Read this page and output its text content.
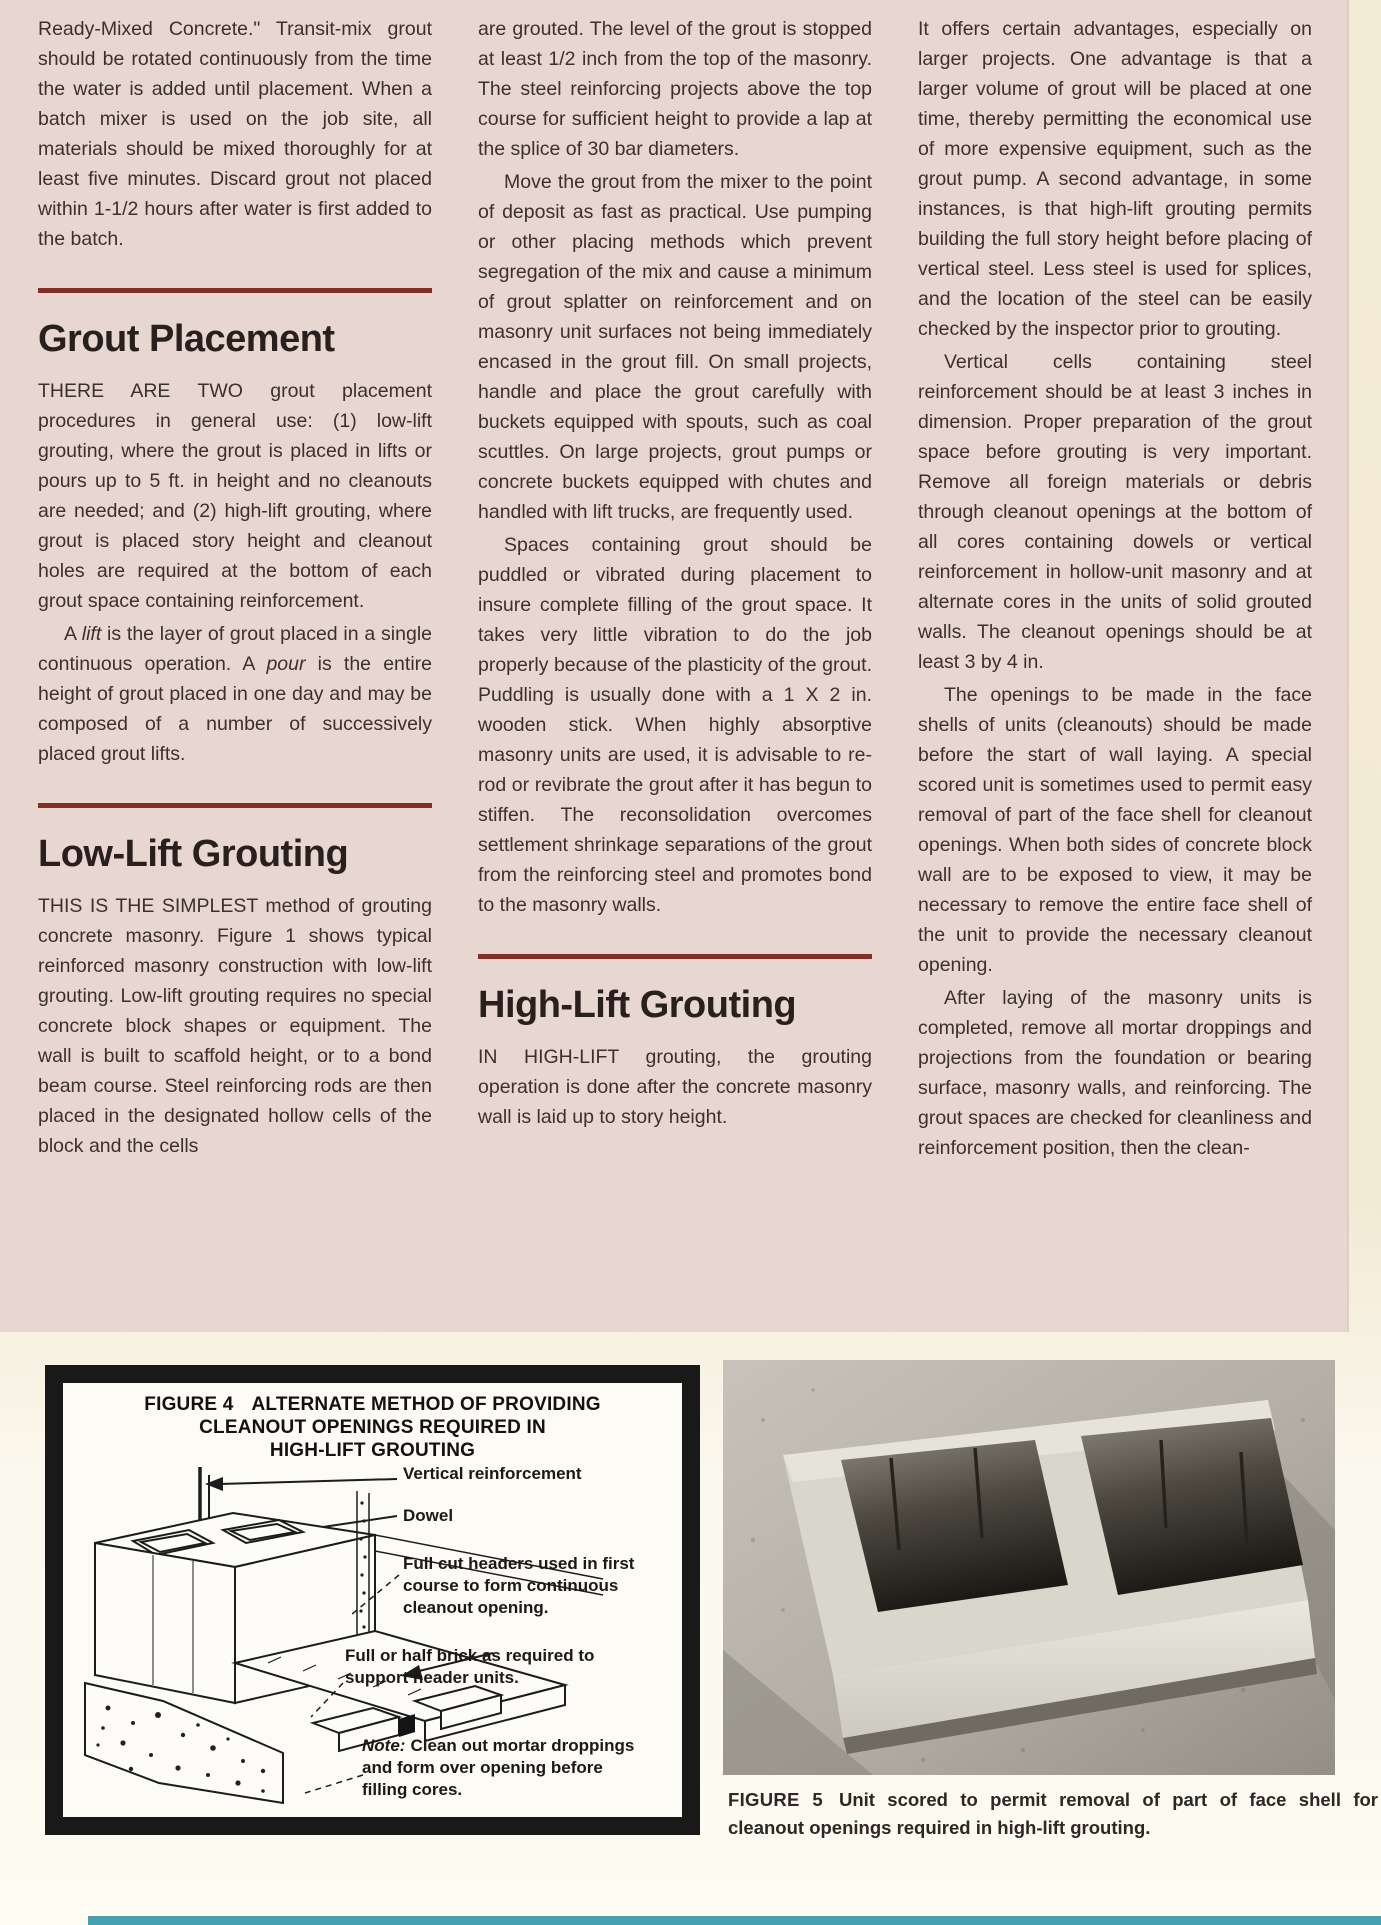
Ready-Mixed Concrete." Transit-mix grout should be rotated continuously from the time the water is added until placement. When a batch mixer is used on the job site, all materials should be mixed thoroughly for at least five minutes. Discard grout not placed within 1-1/2 hours after water is first added to the batch.

Grout Placement

THERE ARE TWO grout placement procedures in general use: (1) low-lift grouting, where the grout is placed in lifts or pours up to 5 ft. in height and no cleanouts are needed; and (2) high-lift grouting, where grout is placed story height and cleanout holes are required at the bottom of each grout space containing reinforcement.

A lift is the layer of grout placed in a single continuous operation. A pour is the entire height of grout placed in one day and may be composed of a number of successively placed grout lifts.

Low-Lift Grouting

THIS IS THE SIMPLEST method of grouting concrete masonry. Figure 1 shows typical reinforced masonry construction with low-lift grouting. Low-lift grouting requires no special concrete block shapes or equipment. The wall is built to scaffold height, or to a bond beam course. Steel reinforcing rods are then placed in the designated hollow cells of the block and the cells

are grouted. The level of the grout is stopped at least 1/2 inch from the top of the masonry. The steel reinforcing projects above the top course for sufficient height to provide a lap at the splice of 30 bar diameters.

Move the grout from the mixer to the point of deposit as fast as practical. Use pumping or other placing methods which prevent segregation of the mix and cause a minimum of grout splatter on reinforcement and on masonry unit surfaces not being immediately encased in the grout fill. On small projects, handle and place the grout carefully with buckets equipped with spouts, such as coal scuttles. On large projects, grout pumps or concrete buckets equipped with chutes and handled with lift trucks, are frequently used.

Spaces containing grout should be puddled or vibrated during placement to insure complete filling of the grout space. It takes very little vibration to do the job properly because of the plasticity of the grout. Puddling is usually done with a 1 X 2 in. wooden stick. When highly absorptive masonry units are used, it is advisable to re-rod or revibrate the grout after it has begun to stiffen. The reconsolidation overcomes settlement shrinkage separations of the grout from the reinforcing steel and promotes bond to the masonry walls.

High-Lift Grouting

IN HIGH-LIFT grouting, the grouting operation is done after the concrete masonry wall is laid up to story height.

It offers certain advantages, especially on larger projects. One advantage is that a larger volume of grout will be placed at one time, thereby permitting the economical use of more expensive equipment, such as the grout pump. A second advantage, in some instances, is that high-lift grouting permits building the full story height before placing of vertical steel. Less steel is used for splices, and the location of the steel can be easily checked by the inspector prior to grouting.

Vertical cells containing steel reinforcement should be at least 3 inches in dimension. Proper preparation of the grout space before grouting is very important. Remove all foreign materials or debris through cleanout openings at the bottom of all cores containing dowels or vertical reinforcement in hollow-unit masonry and at alternate cores in the units of solid grouted walls. The cleanout openings should be at least 3 by 4 in.

The openings to be made in the face shells of units (cleanouts) should be made before the start of wall laying. A special scored unit is sometimes used to permit easy removal of part of the face shell for cleanout openings. When both sides of concrete block wall are to be exposed to view, it may be necessary to remove the entire face shell of the unit to provide the necessary cleanout opening.

After laying of the masonry units is completed, remove all mortar droppings and projections from the foundation or bearing surface, masonry walls, and reinforcing. The grout spaces are checked for cleanliness and reinforcement position, then the clean-

FIGURE 4 ALTERNATE METHOD OF PROVIDING
CLEANOUT OPENINGS REQUIRED IN
HIGH-LIFT GROUTING
Vertical reinforcement
Dowel
Full cut headers used in first course to form continuous cleanout opening.
Full or half brick as required to support header units.
Note: Clean out mortar droppings and form over opening before filling cores.	FIGURE 5 Unit scored to permit removal of part of face shell for cleanout openings required in high-lift grouting.
